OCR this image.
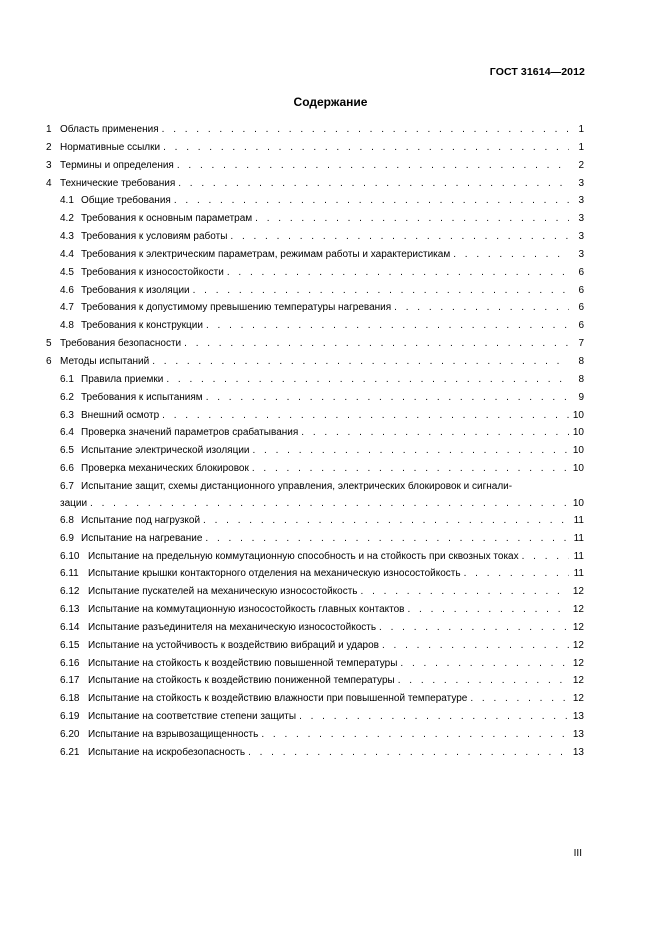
ГОСТ 31614—2012
Содержание
1 Область применения . . .	1
2 Нормативные ссылки . . .	1
3 Термины и определения . . .	2
4 Технические требования . . .	3
4.1 Общие требования . . .	3
4.2 Требования к основным параметрам . . .	3
4.3 Требования к условиям работы . . .	3
4.4 Требования к электрическим параметрам, режимам работы и характеристикам . . .	3
4.5 Требования к износостойкости . . .	6
4.6 Требования к изоляции . . .	6
4.7 Требования к допустимому превышению температуры нагревания . . .	6
4.8 Требования к конструкции . . .	6
5 Требования безопасности . . .	7
6 Методы испытаний . . .	8
6.1 Правила приемки . . .	8
6.2 Требования к испытаниям . . .	9
6.3 Внешний осмотр . . .	10
6.4 Проверка значений параметров срабатывания . . .	10
6.5 Испытание электрической изоляции . . .	10
6.6 Проверка механических блокировок . . .	10
6.7 Испытание защит, схемы дистанционного управления, электрических блокировок и сигнали-
зации . . .	10
6.8 Испытание под нагрузкой . . .	11
6.9 Испытание на нагревание . . .	11
6.10 Испытание на предельную коммутационную способность и на стойкость при сквозных токах . . .	11
6.11 Испытание крышки контакторного отделения на механическую износостойкость . . .	11
6.12 Испытание пускателей на механическую износостойкость . . .	12
6.13 Испытание на коммутационную износостойкость главных контактов . . .	12
6.14 Испытание разъединителя на механическую износостойкость . . .	12
6.15 Испытание на устойчивость к воздействию вибраций и ударов . . .	12
6.16 Испытание на стойкость к воздействию повышенной температуры . . .	12
6.17 Испытание на стойкость к воздействию пониженной температуры . . .	12
6.18 Испытание на стойкость к воздействию влажности при повышенной температуре . . .	12
6.19 Испытание на соответствие степени защиты . . .	13
6.20 Испытание на взрывозащищенность . . .	13
6.21 Испытание на искробезопасность . . .	13
III
